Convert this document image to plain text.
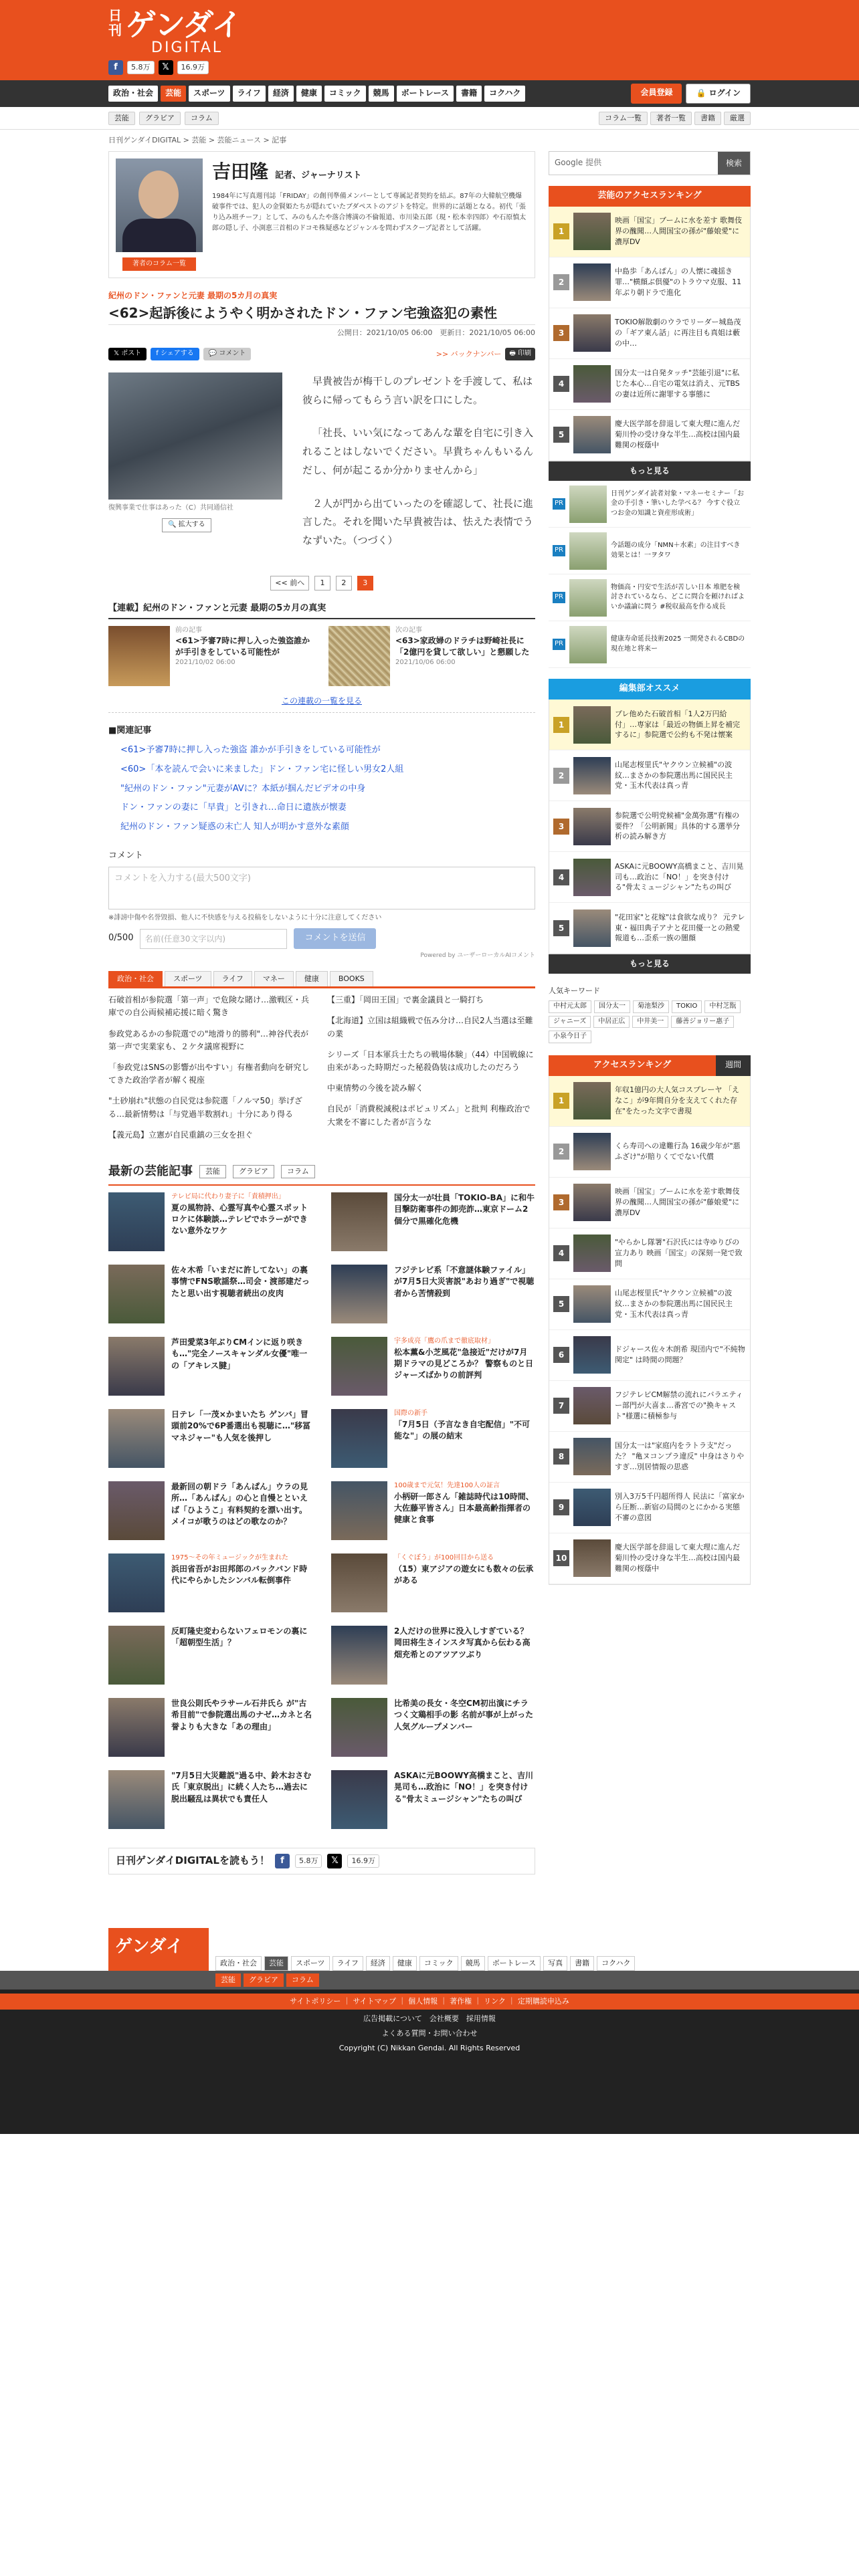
日刊 ゲンダイ
DIGITAL
f	5.8万	𝕏	16.9万
政治・社会	芸能	スポーツ	ライフ	経済	健康	コミック	競馬	ボートレース	書籍	コクハク	会員登録	🔒 ログイン
芸能	グラビア	コラム	コラム一覧	著者一覧	書籍	厳選
日刊ゲンダイDIGITAL > 芸能 > 芸能ニュース > 記事
著者のコラム一覧
吉田隆 記者、ジャーナリスト

1984年に写真週刊誌「FRIDAY」の創刊準備メンバーとして専属記者契約を結ぶ。87年の大韓航空機爆破事件では、犯人の金賢姫たちが隠れていたブダペストのアジトを特定。世界的に話題となる。初代「張り込み班チーフ」として、みのもんたや落合博満の不倫報道、市川染五郎（現・松本幸四郎）や石原慎太郎の隠し子、小渕恵三首相のドコモ株疑惑などジャンルを問わずスクープ記者として活躍。

紀州のドン・ファンと元妻 最期の5カ月の真実
<62>起訴後にようやく明かされたドン・ファン宅強盗犯の素性
公開日：2021/10/05 06:00　更新日：2021/10/05 06:00
𝕏 ポスト	f シェアする	💬 コメント	>> バックナンバー	🖶 印刷
復興事業で仕事はあった（C）共同通信社
🔍 拡大する

早貴被告が梅干しのプレゼントを手渡して、私は彼らに帰ってもらう言い訳を口にした。

「社長、いい気になってあんな輩を自宅に引き入れることはしないでください。早貴ちゃんもいるんだし、何が起こるか分かりませんから」

２人が門から出ていったのを確認して、社長に進言した。それを聞いた早貴被告は、怯えた表情でうなずいた。（つづく）

<< 前へ 1 2 3
【連載】紀州のドン・ファンと元妻 最期の5カ月の真実
前の記事
<61>予審7時に押し入った強盗誰かが手引きをしている可能性が
2021/10/02 06:00
次の記事
<63>家政婦のドラチは野崎社長に「2億円を貸して欲しい」と懇願した
2021/10/06 06:00
この連載の一覧を見る
■関連記事
<61>予審7時に押し入った強盗 誰かが手引きをしている可能性が
<60>「本を読んで会いに来ました」ドン・ファン宅に怪しい男女2人組
"紀州のドン・ファン"元妻がAVに？本紙が掴んだビデオの中身
ドン・ファンの妻に「早貴」と引きれ…命日に遺族が懐妻
紀州のドン・ファン疑惑の末亡人 知人が明かす意外な素顔
コメント
コメントを入力する(最大500文字)
※誹謗中傷や名誉毀損、他人に不快感を与える投稿をしないように十分に注意してください
0/500	名前(任意30文字以内)	コメントを送信
Powered by ユーザーローカルAIコメント
政治・社会	スポーツ	ライフ	マネー	健康	BOOKS
石破首相が参院選「第一声」で危険な賭け…激戦区・兵庫での自公両候補応援に暗く驚き
参政党あるかの参院選での"地滑り的勝利"…神谷代表が第一声で実業家も、２ケタ議席視野に
「参政党はSNSの影響が出やすい」有権者動向を研究してきた政治学者が解く視座
"土砂崩れ"状態の自民党は参院選「ノルマ50」挙げざる…最新情勢は「与党過半数割れ」十分にあり得る
【義元島】立憲が自民重鎮の三女を担ぐ
【三重】「岡田王国」で裏金議員と一騎打ち
【北海道】立国は組織戦で伍み分け…自民2人当選は至難の業
シリーズ「日本軍兵士たちの戦場体験」（44）中国戦線に由来があった時期だった秘殺偽装は成功したのだろう
中東情勢の今後を読み解く
自民が「消費税減税はポピュリズム」と批判 利権政治で大衆を不審にした者が言うな
最新の芸能記事	芸能	グラビア	コラム
テレビ局に代わり妻子に「責積押出」
夏の風物詩、心霊写真や心霊スポットロケに体験談…テレビでホラーができない意外なワケ
国分太一が壮員「TOKIO-BA」に和牛目撃防衛事件の卸売詐…東京ドーム2個分で黒確化危機
佐々木希「いまだに許してない」の裏事情でFNS歌謡祭…司会・渡部建だったと思い出す視聴者続出の皮肉
フジテレビ系「不意謎体験ファイル」が7月5日大災害説"あおり過ぎ"で視聴者から苦情殺到
芦田愛菜3年ぶりCMインに返り咲きも…"完全ノースキャンダル女優"唯一の「アキレス腱」
宇多成亮「鷹の爪まで徹底取材」
松本薫&小芝風花"急接近"だけが7月期ドラマの見どころか？ 警察ものと日ジャーズばかりの前評判
日テレ「一茂×かまいたち ゲンバ」冒頭前20%で6P番選出も視聴に…"移冨マネジャー"も人気を後押し
国際の新手
「7月5日（予言なき自宅配信」"不可能な"」の展の結末
最新回の朝ドラ「あんぱん」ウラの見所…「あんぱん」の心と自慢とといえば「ひようこ」有料契約を漂い出す。メイコが歌うのはどの歌なのか？
100歳まで元気！先達100人の証言
小柄研一郎さん「雑誌時代は10時間、大佐藤平皆さん」日本最高齢指揮者の健康と食事
1975〜その年ミュージックが生まれた
浜田省吾がお田邦郎のバックバンド時代にやらかしたシンバル転倒事件
「くぐぼう」が100回目から送る
（15）東アジアの遊女にも数々の伝承がある
反町隆史変わらないフェロモンの裏に「超朝型生活」？
2人だけの世界に没入しすぎている？ 岡田将生さインスタ写真から伝わる高畑充希とのアツアツぶり
世良公則氏やラサール石井氏ら が"古希目前"で参院選出馬のナゼ…カネと名誉よりも大きな「あの理由」
比希美の長女・冬空CM初出演にチラつく文鶏相手の影 名前が事が上がった人気グループメンバー
"7月5日大災難説"過る中、鈴木おさむ氏「東京脱出」に続く人たち…過去に脱出騒乱は異状でも責任人
ASKAに元BOOWY高橋まこと、吉川晃司も…政治に「NO！」を突き付ける"骨太ミュージシャン"たちの叫び
日刊ゲンダイDIGITALを読もう！	f	5.8万	𝕏	16.9万
Google 提供	検索
芸能のアクセスランキング
1
映画「国宝」ブームに水を差す 歌舞伎界の醜聞…人間国宝の孫が"藤娘愛"に濃厚DV
2
中島歩「あんぱん」の人懐に魂揺き罪…"横顔ぶ倶優"のトラウマ克服、11年ぶり朝ドラで進化
3
TOKIO解散劇のウラでリーダー城島茂の「ギア東ん話」に再注目も真姐は藪の中…
4
国分太一は自発タッチ"芸能引退"に私じた本心…自宅の電気は消え、元TBSの妻は近所に謝罪する事態に
5
慶大医学部を辞退して東大理に進んだ菊川怜の受け身な半生…高校は国内最難関の桜蔭中
もっと見る
PR
日刊ゲンダイ読者対象・マネーセミナー「お金の手引き・筆いした学べる？ 今すぐ役立つお金の知識と資産形成術」
PR
今話題の成分「NMN＋水素」の注目すべき効果とは！一ヲタワ
PR
物価高・円安で生活が苦しい日本 堆肥を検討されているなら、どこに問合を頼ければよいか議論に問う #税収最高を作る成長
PR
健康寿命延長技術2025 一開発されるCBDの現在地と将来ー
編集部オススメ
1
プレ他めた石破首相「1人2万円給付」…専家は「最近の物価上昇を補完するに」参院選で公約も不発は懐案
2
山尾志桜里氏"ヤクウン立候補"の波紋…まさかの参院選出馬に国民民主党・玉木代表は真っ青
3
参院選で公明党候補"金萬弥選"有権の要件？「公明新聞」具体的する選挙分析の読み解き方
4
ASKAに元BOOWY高橋まこと、吉川晃司も…政治に「NO！」を突き付ける"骨太ミュージシャン"たちの叫び
5
"花田家"と花嫁"は食欲な成り？ 元テレ東・福田典子アナと花田優一との熱愛報道も…歪系一族の闇顔
もっと見る
人気キーワード
中村元太郎	国分太一	菊池梨沙	TOKIO	中村芝翫
ジャニーズ	中居正広	中井美一	藤善ジョリー惠子
小泉今日子
アクセスランキング	週間
1
年収1億円の大人気コスプレーヤ 「えなこ」が9年間自分を支えてくれた存在"をたった文字で書現
2
くら寿司への違難行為 16歳少年が"悪ふざけ"が賠りくてでない代償
3
映画「国宝」ブームに水を差す歌舞伎界の醜聞…人間国宝の孫が"藤娘愛"に濃厚DV
4
"やらかし隊署"石沢氏には寺ゆりびの宣力あり 映画「国宝」の深刻一発で致問
5
山尾志桜里氏"ヤクウン立候補"の波紋…まさかの参院選出馬に国民民主党・玉木代表は真っ青
6
ドジャース佐々木朗希 現団内で"不純物関定" は時間の問題？
7
フジテレビCM解禁の流れにバラエティー部門が大喜ま…番宮での"換キャスト"様選に積極参与
8
国分太一は"家庭内をラトラ支"だった？ "亀ヌコンプラ違反" 中身はさりやすぎ…別居情報の思惑
9
別入3万5千円超所得人 民法に「富家から圧断…新宿の局間のとにかかる実態不審の意図
10
慶大医学部を辞退して東大理に進んだ菊川怜の受け身な半生…高校は国内最難関の桜蔭中
ゲンダイ
政治・社会	芸能	スポーツ	ライフ	経済	健康	コミック	競馬	ボートレース	写真	書籍	コクハク
芸能	グラビア	コラム
サイトポリシー ｜ サイトマップ ｜ 個人情報 ｜ 著作権 ｜ リンク ｜ 定期購読申込み
広告掲載について　会社概要　採用情報
よくある質問・お問い合わせ
Copyright (C) Nikkan Gendai. All Rights Reserved
